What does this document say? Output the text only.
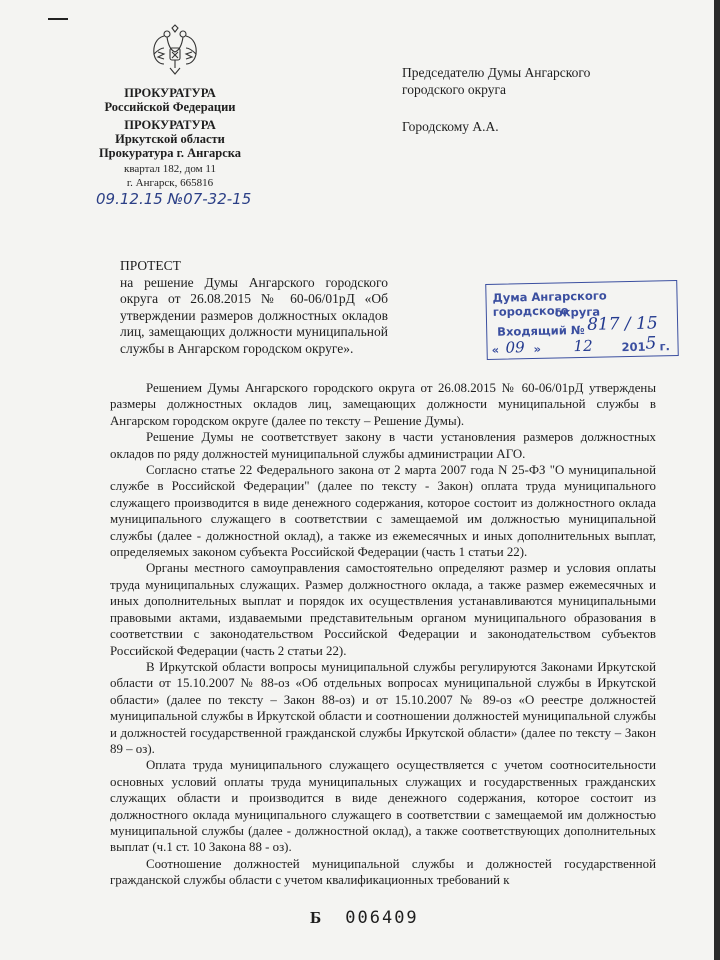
ПРОКУРАТУРА
Российской Федерации
ПРОКУРАТУРА
Иркутской области
Прокуратура г. Ангарска
квартал 182, дом 11
г. Ангарск, 665816
09.12.15 №07-32-15
Председателю Думы Ангарского
городского округа
Городскому А.А.
ПРОТЕСТ
на решение Думы Ангарского городского округа от 26.08.2015 № 60-06/01рД «Об утверждении размеров должностных окладов лиц, замещающих должности муниципальной службы в Ангарском городском округе».
Дума Ангарского городского
округа
Входящий № 817 / 15
« 09 » 12 201 5 г.

Решением Думы Ангарского городского округа от 26.08.2015 № 60-06/01рД утверждены размеры должностных окладов лиц, замещающих должности муниципальной службы в Ангарском городском округе (далее по тексту – Решение Думы).

Решение Думы не соответствует закону в части установления размеров должностных окладов по ряду должностей муниципальной службы администрации АГО.

Согласно статье 22 Федерального закона от 2 марта 2007 года N 25-ФЗ "О муниципальной службе в Российской Федерации" (далее по тексту - Закон) оплата труда муниципального служащего производится в виде денежного содержания, которое состоит из должностного оклада муниципального служащего в соответствии с замещаемой им должностью муниципальной службы (далее - должностной оклад), а также из ежемесячных и иных дополнительных выплат, определяемых законом субъекта Российской Федерации (часть 1 статьи 22).

Органы местного самоуправления самостоятельно определяют размер и условия оплаты труда муниципальных служащих. Размер должностного оклада, а также размер ежемесячных и иных дополнительных выплат и порядок их осуществления устанавливаются муниципальными правовыми актами, издаваемыми представительным органом муниципального образования в соответствии с законодательством Российской Федерации и законодательством субъектов Российской Федерации (часть 2 статьи 22).

В Иркутской области вопросы муниципальной службы регулируются Законами Иркутской области от 15.10.2007 № 88-оз «Об отдельных вопросах муниципальной службы в Иркутской области» (далее по тексту – Закон 88-оз) и от 15.10.2007 № 89-оз «О реестре должностей муниципальной службы в Иркутской области и соотношении должностей муниципальной службы и должностей государственной гражданской службы Иркутской области» (далее по тексту – Закон 89 – оз).

Оплата труда муниципального служащего осуществляется с учетом соотносительности основных условий оплаты труда муниципальных служащих и государственных гражданских служащих области и производится в виде денежного содержания, которое состоит из должностного оклада муниципального служащего в соответствии с замещаемой им должностью муниципальной службы (далее - должностной оклад), а также соответствующих дополнительных выплат (ч.1 ст. 10 Закона 88 - оз).

Соотношение должностей муниципальной службы и должностей государственной гражданской службы области с учетом квалификационных требований к

Б 006409
